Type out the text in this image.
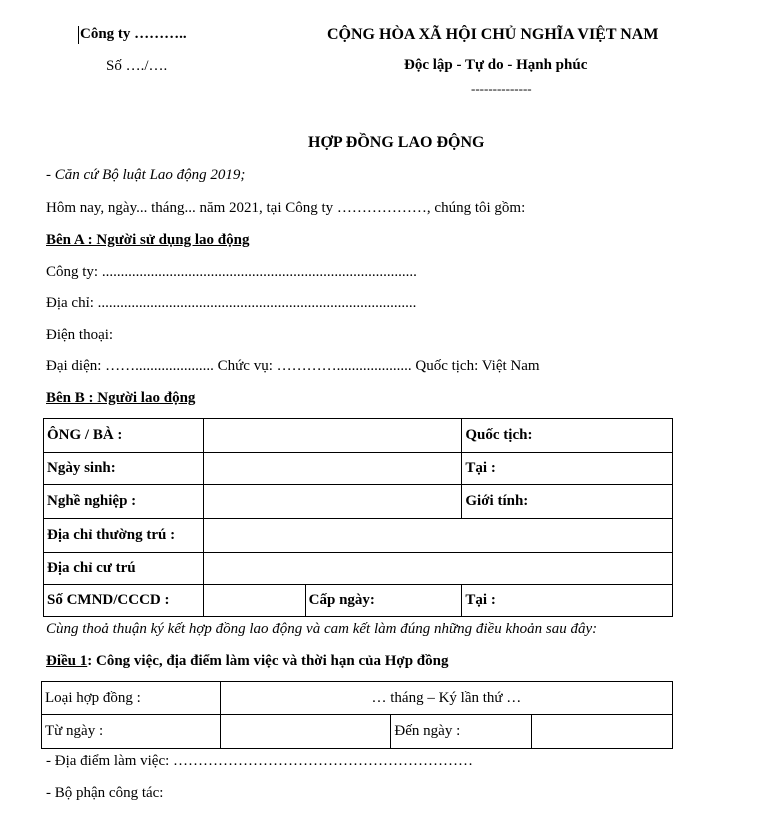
Công ty ………..
Số …./….
CỘNG HÒA XÃ HỘI CHỦ NGHĨA VIỆT NAM
Độc lập - Tự do - Hạnh phúc
--------------
HỢP ĐỒNG LAO ĐỘNG
- Căn cứ Bộ luật Lao động 2019;
Hôm nay, ngày... tháng... năm 2021, tại Công ty ………………, chúng tôi gồm:
Bên A : Người sử dụng lao động
Công ty: ....................................................................................
Địa chỉ: .....................................................................................
Điện thoại:
Đại diện: ……..................... Chức vụ: ………….................... Quốc tịch: Việt Nam
Bên B : Người lao động
ÔNG / BÀ :			Quốc tịch:
Ngày sinh:			Tại :
Nghề nghiệp :			Giới tính:
Địa chỉ thường trú :			
Địa chỉ cư trú			
Số CMND/CCCD :		Cấp ngày:	Tại :
Cùng thoả thuận ký kết hợp đồng lao động và cam kết làm đúng những điều khoản sau đây:
Điều 1: Công việc, địa điểm làm việc và thời hạn của Hợp đồng
Loại hợp đồng :	… tháng – Ký lần thứ …		
Từ ngày :		Đến ngày :	
- Địa điểm làm việc: ……………………………………………………
- Bộ phận công tác:
